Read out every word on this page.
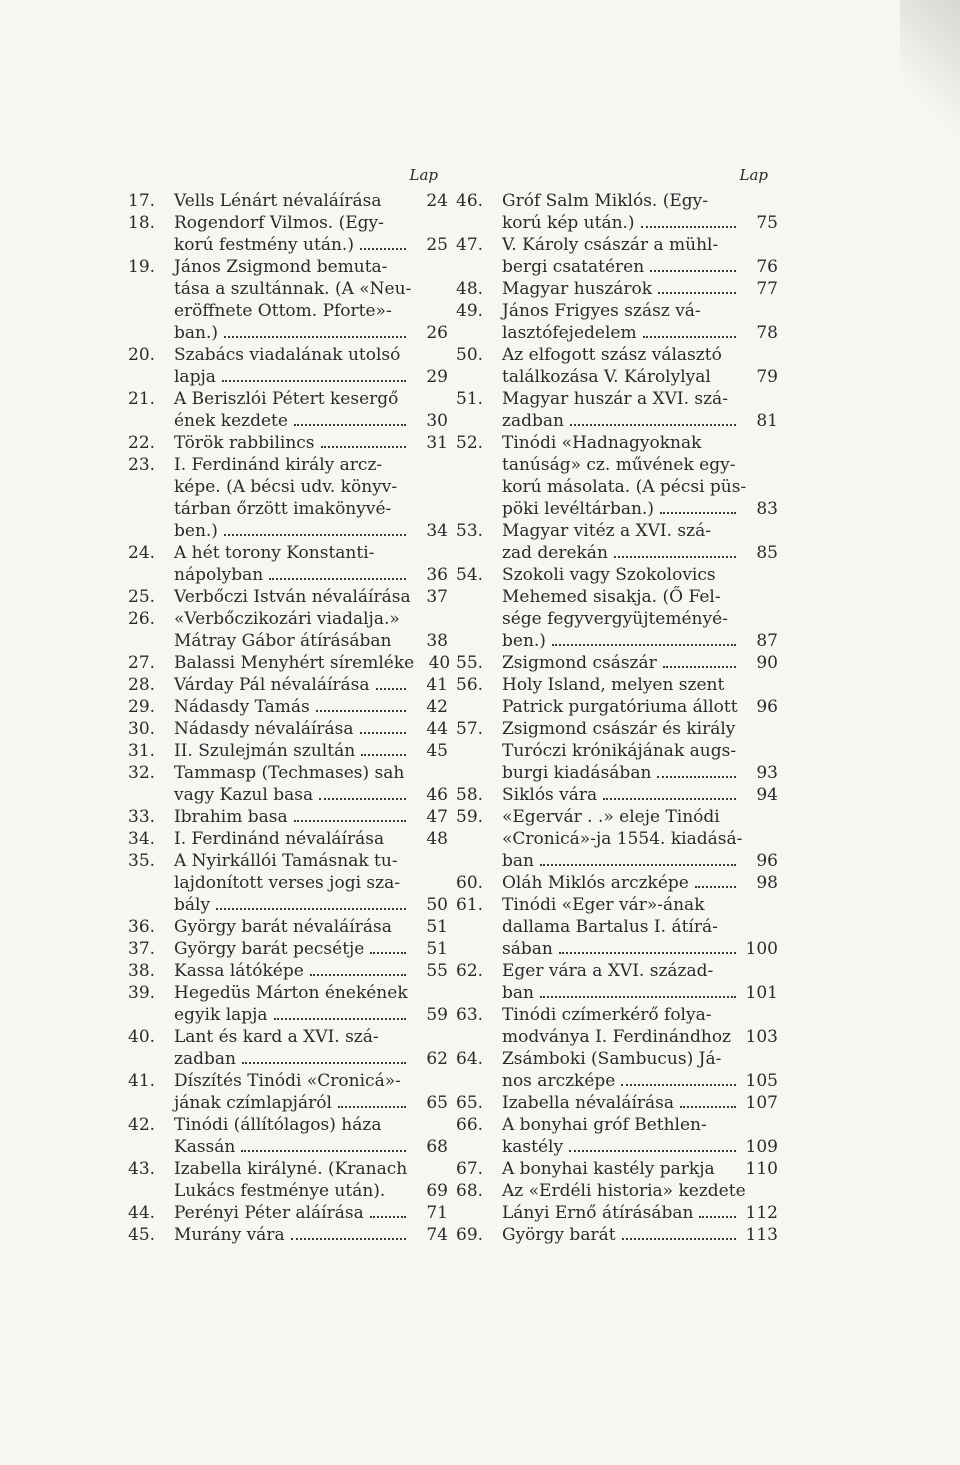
Lap
17.	Vells Lénárt névaláírása	24
18.	Rogendorf Vilmos. (Egy-
korú festmény után.)	25
19.	János Zsigmond bemuta-
tása a szultánnak. (A «Neu-
eröffnete Ottom. Pforte»-
ban.)	26
20.	Szabács viadalának utolsó
lapja	29
21.	A Beriszlói Pétert kesergő
ének kezdete	30
22.	Török rabbilincs	31
23.	I. Ferdinánd király arcz-
képe. (A bécsi udv. könyv-
tárban őrzött imakönyvé-
ben.)	34
24.	A hét torony Konstanti-
nápolyban	36
25.	Verbőczi István névaláírása 37
26.	«Verbőczikozári viadalja.»
Mátray Gábor átírásában	38
27.	Balassi Menyhért síremléke 40
28.	Várday Pál névaláírása	41
29.	Nádasdy Tamás	42
30.	Nádasdy névaláírása	44
31.	II. Szulejmán szultán	45
32.	Tammasp (Techmases) sah
vagy Kazul basa	46
33.	Ibrahim basa	47
34.	I. Ferdinánd névaláírása	48
35.	A Nyirkállói Tamásnak tu-
lajdonított verses jogi sza-
bály	50
36.	György barát névaláírása	51
37.	György barát pecsétje	51
38.	Kassa látóképe	55
39.	Hegedüs Márton énekének
egyik lapja	59
40.	Lant és kard a XVI. szá-
zadban	62
41.	Díszítés Tinódi «Cronicá»-
jának czímlapjáról	65
42.	Tinódi (állítólagos) háza
Kassán	68
43.	Izabella királyné. (Kranach
Lukács festménye után).	69
44.	Perényi Péter aláírása	71
45.	Murány vára	74
Lap
46.	Gróf Salm Miklós. (Egy-
korú kép után.)	75
47.	V. Károly császár a mühl-
bergi csatatéren	76
48.	Magyar huszárok	77
49.	János Frigyes szász vá-
lasztófejedelem	78
50.	Az elfogott szász választó
találkozása V. Károlylyal	79
51.	Magyar huszár a XVI. szá-
zadban	81
52.	Tinódi «Hadnagyoknak
tanúság» cz. művének egy-
korú másolata. (A pécsi püs-
pöki levéltárban.)	83
53.	Magyar vitéz a XVI. szá-
zad derekán	85
54.	Szokoli vagy Szokolovics
Mehemed sisakja. (Ő Fel-
sége fegyvergyüjteményé-
ben.)	87
55.	Zsigmond császár	90
56.	Holy Island, melyen szent
Patrick purgatóriuma állott	96
57.	Zsigmond császár és király
Turóczi krónikájának augs-
burgi kiadásában	93
58.	Siklós vára	94
59.	«Egervár . .» eleje Tinódi
«Cronicá»-ja 1554. kiadásá-
ban	96
60.	Oláh Miklós arczképe	98
61.	Tinódi «Eger vár»-ának
dallama Bartalus I. átírá-
sában	100
62.	Eger vára a XVI. század-
ban	101
63.	Tinódi czímerkérő folya-
modványa I. Ferdinándhoz 103
64.	Zsámboki (Sambucus) Já-
nos arczképe	105
65.	Izabella névaláírása	107
66.	A bonyhai gróf Bethlen-
kastély	109
67.	A bonyhai kastély parkja 110
68.	Az «Erdéli historia» kezdete
Lányi Ernő átírásában	112
69.	György barát	113
